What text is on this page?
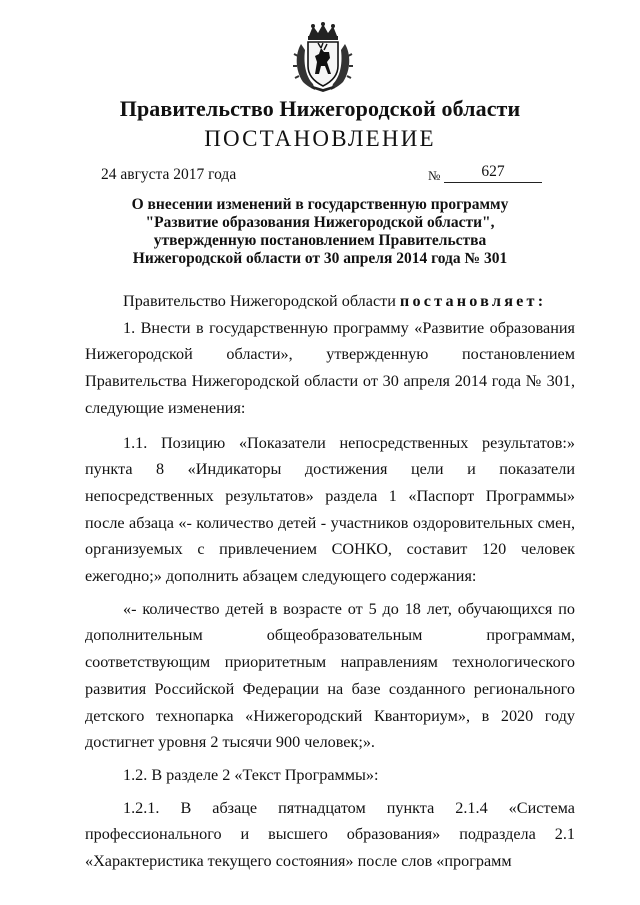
Правительство Нижегородской области
ПОСТАНОВЛЕНИЕ
24 августа 2017 года	№	627
О внесении изменений в государственную программу
"Развитие образования Нижегородской области",
утвержденную постановлением Правительства
Нижегородской области от 30 апреля 2014 года № 301

Правительство Нижегородской области постановляет:

1. Внести в государственную программу «Развитие образования Нижегородской области», утвержденную постановлением Правительства Нижегородской области от 30 апреля 2014 года № 301, следующие изменения:

1.1. Позицию «Показатели непосредственных результатов:» пункта 8 «Индикаторы достижения цели и показатели непосредственных результатов» раздела 1 «Паспорт Программы» после абзаца «- количество детей - участников оздоровительных смен, организуемых с привлечением СОНКО, составит 120 человек ежегодно;» дополнить абзацем следующего содержания:

«- количество детей в возрасте от 5 до 18 лет, обучающихся по дополнительным общеобразовательным программам, соответствующим приоритетным направлениям технологического развития Российской Федерации на базе созданного регионального детского технопарка «Нижегородский Кванториум», в 2020 году достигнет уровня 2 тысячи 900 человек;».

1.2. В разделе 2 «Текст Программы»:

1.2.1. В абзаце пятнадцатом пункта 2.1.4 «Система профессионального и высшего образования» подраздела 2.1 «Характеристика текущего состояния» после слов «программ
